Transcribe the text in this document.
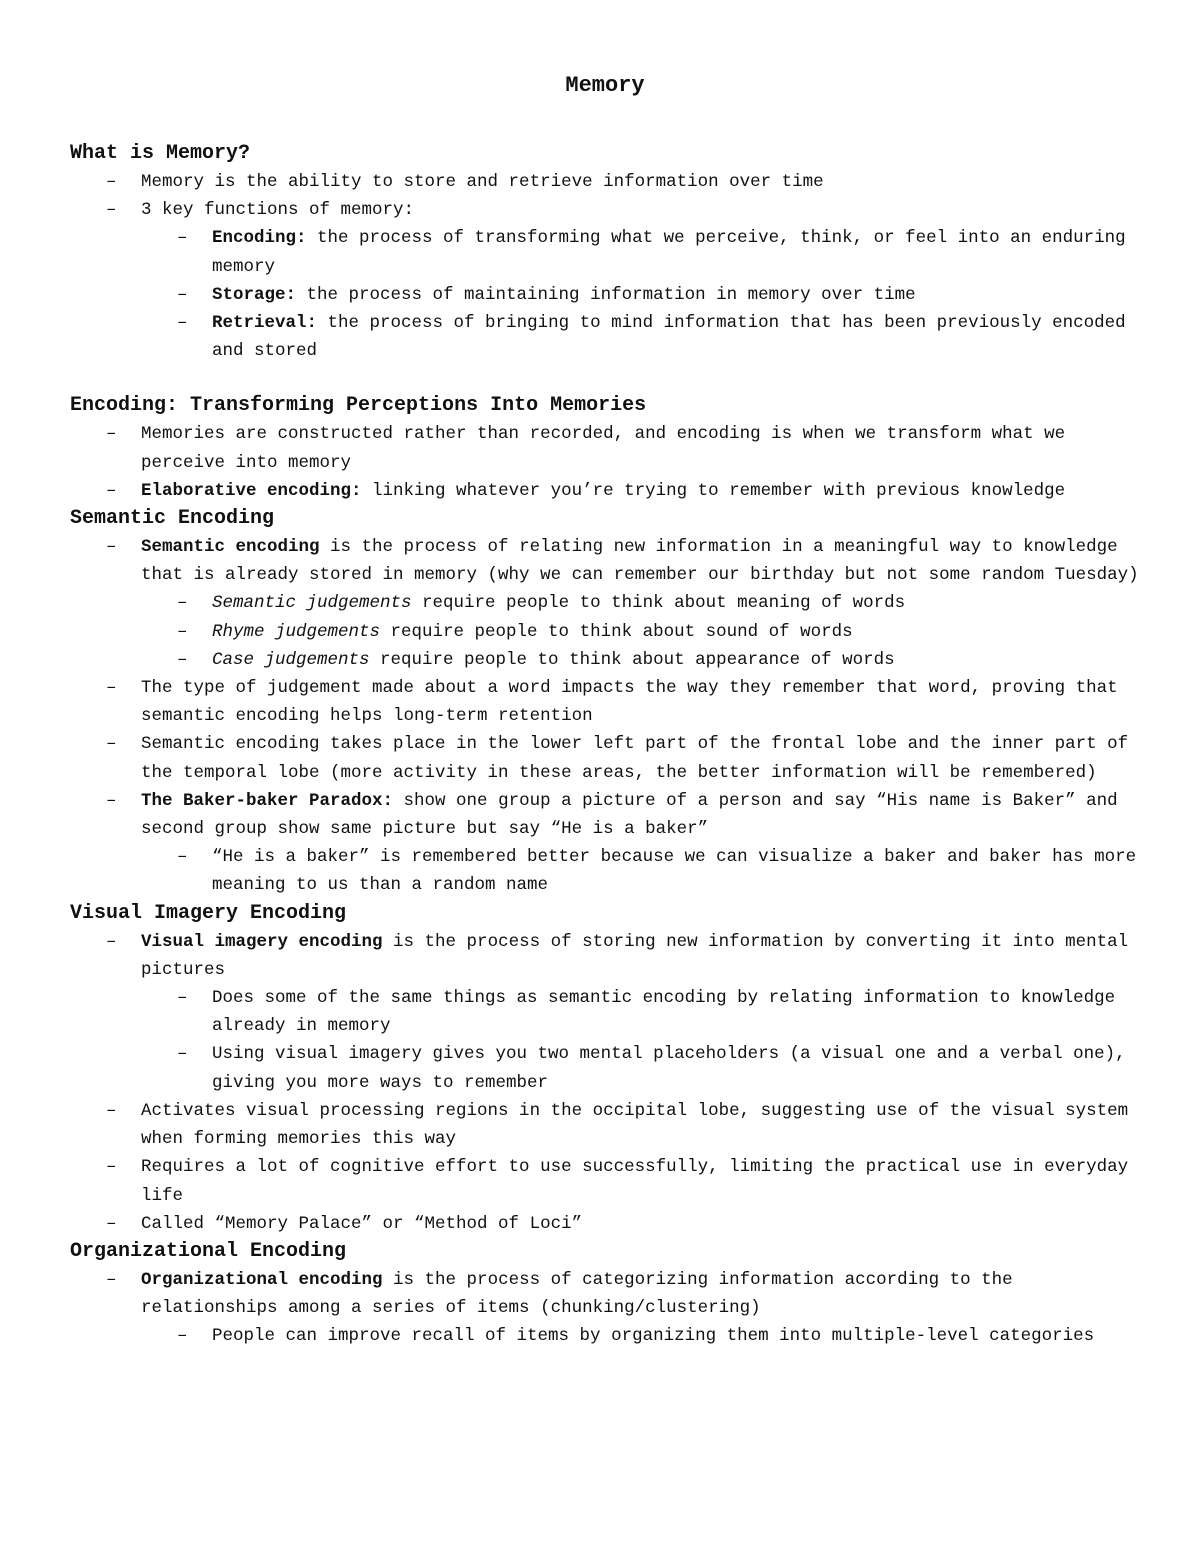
Memory
What is Memory?
– Memory is the ability to store and retrieve information over time
– 3 key functions of memory:
– Encoding: the process of transforming what we perceive, think, or feel into an enduring memory
– Storage: the process of maintaining information in memory over time
– Retrieval: the process of bringing to mind information that has been previously encoded and stored
Encoding: Transforming Perceptions Into Memories
– Memories are constructed rather than recorded, and encoding is when we transform what we perceive into memory
– Elaborative encoding: linking whatever you’re trying to remember with previous knowledge
Semantic Encoding
– Semantic encoding is the process of relating new information in a meaningful way to knowledge that is already stored in memory (why we can remember our birthday but not some random Tuesday)
– Semantic judgements require people to think about meaning of words
– Rhyme judgements require people to think about sound of words
– Case judgements require people to think about appearance of words
– The type of judgement made about a word impacts the way they remember that word, proving that semantic encoding helps long-term retention
– Semantic encoding takes place in the lower left part of the frontal lobe and the inner part of the temporal lobe (more activity in these areas, the better information will be remembered)
– The Baker-baker Paradox: show one group a picture of a person and say “His name is Baker” and second group show same picture but say “He is a baker”
– “He is a baker” is remembered better because we can visualize a baker and baker has more meaning to us than a random name
Visual Imagery Encoding
– Visual imagery encoding is the process of storing new information by converting it into mental pictures
– Does some of the same things as semantic encoding by relating information to knowledge already in memory
– Using visual imagery gives you two mental placeholders (a visual one and a verbal one), giving you more ways to remember
– Activates visual processing regions in the occipital lobe, suggesting use of the visual system when forming memories this way
– Requires a lot of cognitive effort to use successfully, limiting the practical use in everyday life
– Called “Memory Palace” or “Method of Loci”
Organizational Encoding
– Organizational encoding is the process of categorizing information according to the relationships among a series of items (chunking/clustering)
– People can improve recall of items by organizing them into multiple-level categories
